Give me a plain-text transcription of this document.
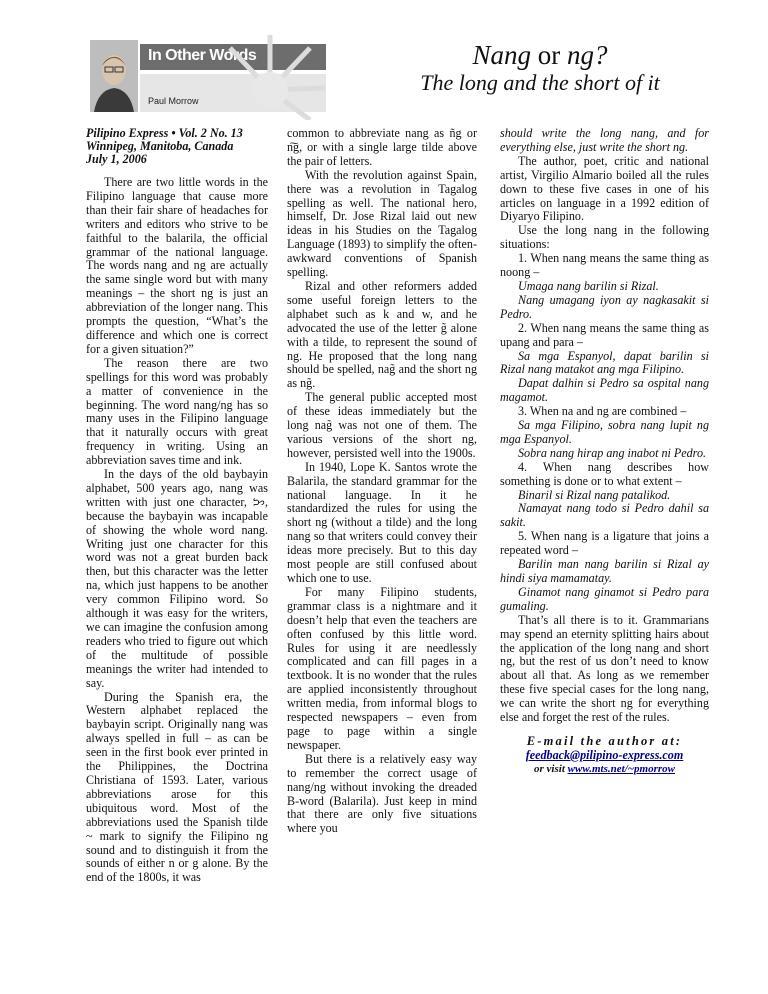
In Other Words
Paul Morrow
Nang or ng?
The long and the short of it
Pilipino Express • Vol. 2 No. 13
Winnipeg, Manitoba, Canada
July 1, 2006

There are two little words in the Filipino language that cause more than their fair share of headaches for writers and editors who strive to be faithful to the balarila, the official grammar of the national language. The words nang and ng are actually the same single word but with many meanings – the short ng is just an abbreviation of the longer nang. This prompts the question, “What’s the difference and which one is correct for a given situation?”

The reason there are two spellings for this word was probably a matter of convenience in the beginning. The word nang/ng has so many uses in the Filipino language that it naturally occurs with great frequency in writing. Using an abbreviation saves time and ink.

In the days of the old baybayin alphabet, 500 years ago, nang was written with just one character, ᜅ, because the baybayin was incapable of showing the whole word nang. Writing just one character for this word was not a great burden back then, but this character was the letter na, which just happens to be another very common Filipino word. So although it was easy for the writers, we can imagine the confusion among readers who tried to figure out which of the multitude of possible meanings the writer had intended to say.

During the Spanish era, the Western alphabet replaced the baybayin script. Originally nang was always spelled in full – as can be seen in the first book ever printed in the Philippines, the Doctrina Christiana of 1593. Later, various abbreviations arose for this ubiquitous word. Most of the abbreviations used the Spanish tilde ~ mark to signify the Filipino ng sound and to distinguish it from the sounds of either n or g alone. By the end of the 1800s, it was

common to abbreviate nang as ñg or n͠g, or with a single large tilde above the pair of letters.

With the revolution against Spain, there was a revolution in Tagalog spelling as well. The national hero, himself, Dr. Jose Rizal laid out new ideas in his Studies on the Tagalog Language (1893) to simplify the often-awkward conventions of Spanish spelling.

Rizal and other reformers added some useful foreign letters to the alphabet such as k and w, and he advocated the use of the letter g̃ alone with a tilde, to represent the sound of ng. He proposed that the long nang should be spelled, nag̃ and the short ng as ng̃.

The general public accepted most of these ideas immediately but the long nag̃ was not one of them. The various versions of the short ng, however, persisted well into the 1900s.

In 1940, Lope K. Santos wrote the Balarila, the standard grammar for the national language. In it he standardized the rules for using the short ng (without a tilde) and the long nang so that writers could convey their ideas more precisely. But to this day most people are still confused about which one to use.

For many Filipino students, grammar class is a nightmare and it doesn’t help that even the teachers are often confused by this little word. Rules for using it are needlessly complicated and can fill pages in a textbook. It is no wonder that the rules are applied inconsistently throughout written media, from informal blogs to respected newspapers – even from page to page within a single newspaper.

But there is a relatively easy way to remember the correct usage of nang/ng without invoking the dreaded B-word (Balarila). Just keep in mind that there are only five situations where you

should write the long nang, and for everything else, just write the short ng.

The author, poet, critic and national artist, Virgilio Almario boiled all the rules down to these five cases in one of his articles on language in a 1992 edition of Diyaryo Filipino.

Use the long nang in the following situations:

1. When nang means the same thing as noong –

Umaga nang barilin si Rizal.

Nang umagang iyon ay nagkasakit si Pedro.

2. When nang means the same thing as upang and para –

Sa mga Espanyol, dapat barilin si Rizal nang matakot ang mga Filipino.

Dapat dalhin si Pedro sa ospital nang magamot.

3. When na and ng are combined –

Sa mga Filipino, sobra nang lupit ng mga Espanyol.

Sobra nang hirap ang inabot ni Pedro.

4. When nang describes how something is done or to what extent –

Binaril si Rizal nang patalikod.

Namayat nang todo si Pedro dahil sa sakit.

5. When nang is a ligature that joins a repeated word –

Barilin man nang barilin si Rizal ay hindi siya mamamatay.

Ginamot nang ginamot si Pedro para gumaling.

That’s all there is to it. Grammarians may spend an eternity splitting hairs about the application of the long nang and short ng, but the rest of us don’t need to know about all that. As long as we remember these five special cases for the long nang, we can write the short ng for everything else and forget the rest of the rules.

E-mail the author at:
feedback@pilipino-express.com
or visit www.mts.net/~pmorrow
